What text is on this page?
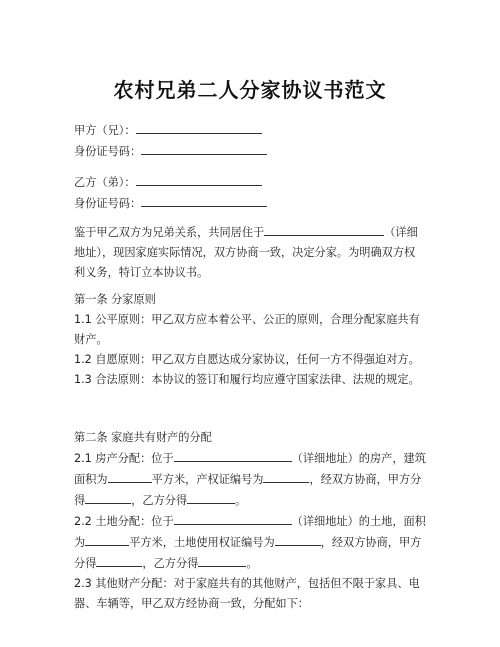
农村兄弟二人分家协议书范文
甲方（兄）：
身份证号码：
乙方（弟）：
身份证号码：
鉴于甲乙双方为兄弟关系，共同居住于	（详细地址），现因家庭实际情况，双方协商一致，决定分家。为明确双方权利义务，特订立本协议书。
第一条 分家原则
1.1 公平原则：甲乙双方应本着公平、公正的原则，合理分配家庭共有财产。
1.2 自愿原则：甲乙双方自愿达成分家协议，任何一方不得强迫对方。
1.3 合法原则：本协议的签订和履行均应遵守国家法律、法规的规定。
第二条 家庭共有财产的分配
2.1 房产分配：位于	（详细地址）的房产，建筑面积为	平方米，产权证编号为	，经双方协商，甲方分得	，乙方分得	。
2.2 土地分配：位于	（详细地址）的土地，面积为	平方米，土地使用权证编号为	，经双方协商，甲方分得	，乙方分得	。
2.3 其他财产分配：对于家庭共有的其他财产，包括但不限于家具、电器、车辆等，甲乙双方经协商一致，分配如下：
